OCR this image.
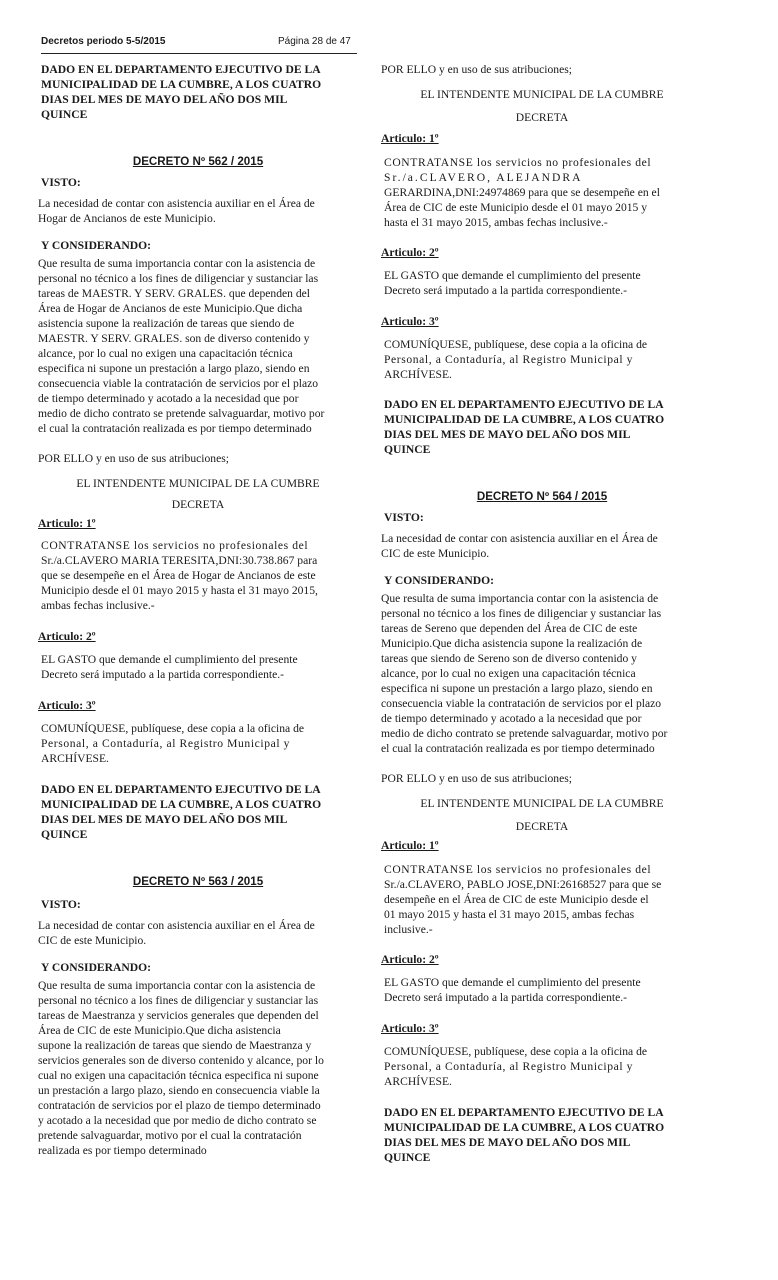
Decretos periodo 5-5/2015	Página 28 de 47

DADO EN EL DEPARTAMENTO EJECUTIVO DE LA
MUNICIPALIDAD DE LA CUMBRE, A LOS CUATRO
DIAS DEL MES DE MAYO DEL AÑO DOS MIL
QUINCE

DECRETO Nº 562 / 2015

VISTO:

La necesidad de contar con asistencia auxiliar en el Área de
Hogar de Ancianos de este Municipio.

Y CONSIDERANDO:

Que resulta de suma importancia contar con la asistencia de
personal no técnico a los fines de diligenciar y sustanciar las
tareas de MAESTR. Y SERV. GRALES. que dependen del
Área de Hogar de Ancianos de este Municipio.Que dicha
asistencia supone la realización de tareas que siendo de
MAESTR. Y SERV. GRALES. son de diverso contenido y
alcance, por lo cual no exigen una capacitación técnica
especifica ni supone un prestación a largo plazo, siendo en
consecuencia viable la contratación de servicios por el plazo
de tiempo determinado y acotado a la necesidad que por
medio de dicho contrato se pretende salvaguardar, motivo por
el cual la contratación realizada es por tiempo determinado

POR ELLO y en uso de sus atribuciones;

EL INTENDENTE MUNICIPAL DE LA CUMBRE

DECRETA

Articulo: 1º

CONTRATANSE los servicios no profesionales del
Sr./a.CLAVERO MARIA TERESITA,DNI:30.738.867 para
que se desempeñe en el Área de Hogar de Ancianos de este
Municipio desde el 01 mayo 2015 y hasta el 31 mayo 2015,
ambas fechas inclusive.-

Articulo: 2º

EL GASTO que demande el cumplimiento del presente
Decreto será imputado a la partida correspondiente.-

Articulo: 3º

COMUNÍQUESE, publíquese, dese copia a la oficina de
Personal, a Contaduría, al Registro Municipal y
ARCHÍVESE.

DADO EN EL DEPARTAMENTO EJECUTIVO DE LA
MUNICIPALIDAD DE LA CUMBRE, A LOS CUATRO
DIAS DEL MES DE MAYO DEL AÑO DOS MIL
QUINCE

DECRETO Nº 563 / 2015

VISTO:

La necesidad de contar con asistencia auxiliar en el Área de
CIC de este Municipio.

Y CONSIDERANDO:

Que resulta de suma importancia contar con la asistencia de
personal no técnico a los fines de diligenciar y sustanciar las
tareas de Maestranza y servicios generales que dependen del
Área de CIC de este Municipio.Que dicha asistencia
supone la realización de tareas que siendo de Maestranza y
servicios generales son de diverso contenido y alcance, por lo
cual no exigen una capacitación técnica especifica ni supone
un prestación a largo plazo, siendo en consecuencia viable la
contratación de servicios por el plazo de tiempo determinado
y acotado a la necesidad que por medio de dicho contrato se
pretende salvaguardar, motivo por el cual la contratación
realizada es por tiempo determinado

POR ELLO y en uso de sus atribuciones;

EL INTENDENTE MUNICIPAL DE LA CUMBRE

DECRETA

Articulo: 1º

CONTRATANSE los servicios no profesionales del
Sr./a.CLAVERO, ALEJANDRA
GERARDINA,DNI:24974869 para que se desempeñe en el
Área de CIC de este Municipio desde el 01 mayo 2015 y
hasta el 31 mayo 2015, ambas fechas inclusive.-

Articulo: 2º

EL GASTO que demande el cumplimiento del presente
Decreto será imputado a la partida correspondiente.-

Articulo: 3º

COMUNÍQUESE, publíquese, dese copia a la oficina de
Personal, a Contaduría, al Registro Municipal y
ARCHÍVESE.

DADO EN EL DEPARTAMENTO EJECUTIVO DE LA
MUNICIPALIDAD DE LA CUMBRE, A LOS CUATRO
DIAS DEL MES DE MAYO DEL AÑO DOS MIL
QUINCE

DECRETO Nº 564 / 2015

VISTO:

La necesidad de contar con asistencia auxiliar en el Área de
CIC de este Municipio.

Y CONSIDERANDO:

Que resulta de suma importancia contar con la asistencia de
personal no técnico a los fines de diligenciar y sustanciar las
tareas de Sereno que dependen del Área de CIC de este
Municipio.Que dicha asistencia supone la realización de
tareas que siendo de Sereno son de diverso contenido y
alcance, por lo cual no exigen una capacitación técnica
especifica ni supone un prestación a largo plazo, siendo en
consecuencia viable la contratación de servicios por el plazo
de tiempo determinado y acotado a la necesidad que por
medio de dicho contrato se pretende salvaguardar, motivo por
el cual la contratación realizada es por tiempo determinado

POR ELLO y en uso de sus atribuciones;

EL INTENDENTE MUNICIPAL DE LA CUMBRE

DECRETA

Articulo: 1º

CONTRATANSE los servicios no profesionales del
Sr./a.CLAVERO, PABLO JOSE,DNI:26168527 para que se
desempeñe en el Área de CIC de este Municipio desde el
01 mayo 2015 y hasta el 31 mayo 2015, ambas fechas
inclusive.-

Articulo: 2º

EL GASTO que demande el cumplimiento del presente
Decreto será imputado a la partida correspondiente.-

Articulo: 3º

COMUNÍQUESE, publíquese, dese copia a la oficina de
Personal, a Contaduría, al Registro Municipal y
ARCHÍVESE.

DADO EN EL DEPARTAMENTO EJECUTIVO DE LA
MUNICIPALIDAD DE LA CUMBRE, A LOS CUATRO
DIAS DEL MES DE MAYO DEL AÑO DOS MIL
QUINCE
